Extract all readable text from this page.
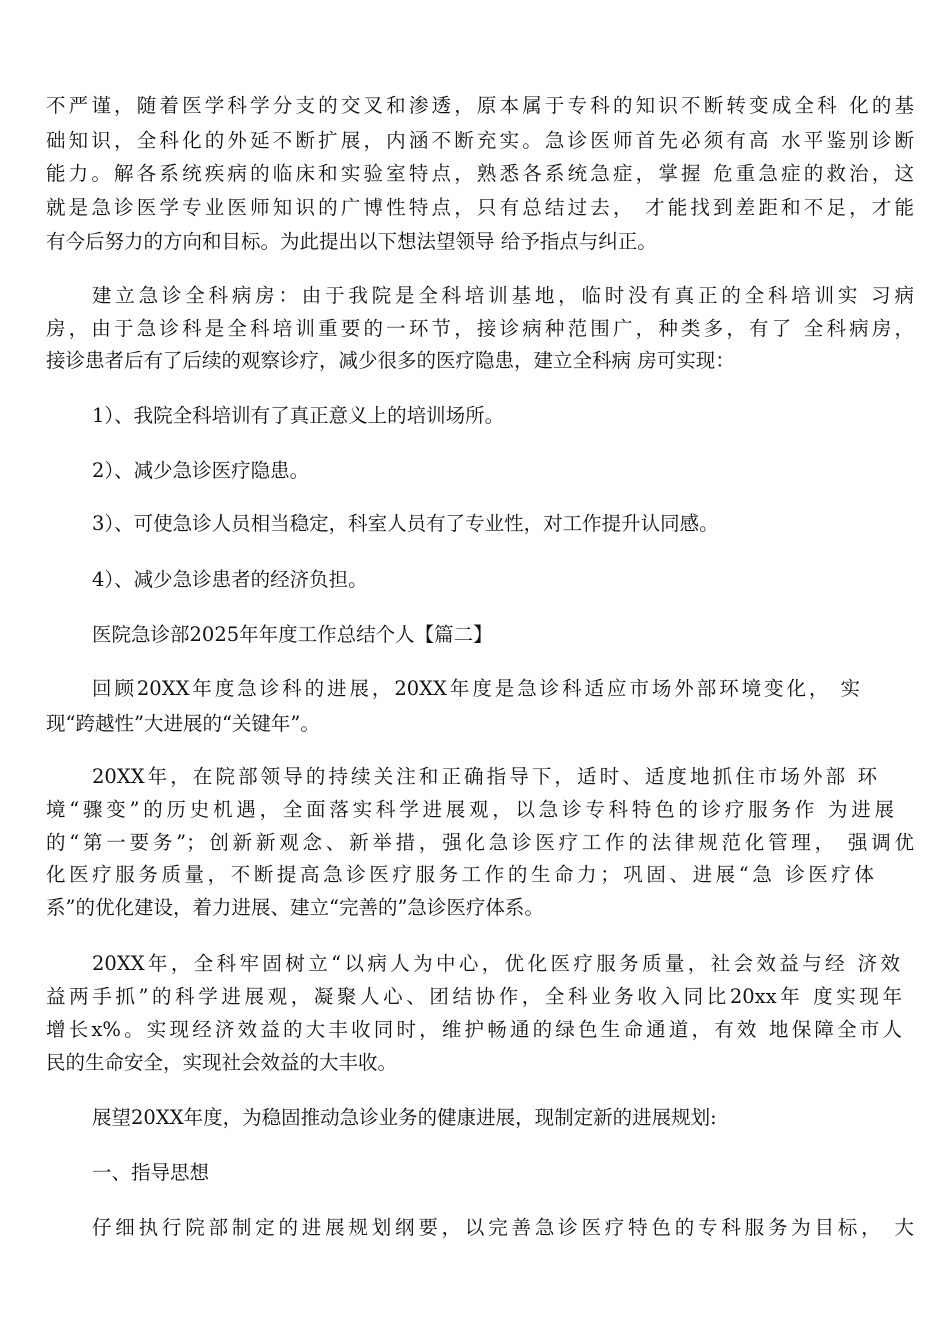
不严谨，随着医学科学分支的交叉和渗透，原本属于专科的知识不断转变成全科 化的基
础知识，全科化的外延不断扩展，内涵不断充实。急诊医师首先必须有高 水平鉴别诊断
能力。解各系统疾病的临床和实验室特点，熟悉各系统急症，掌握 危重急症的救治，这
就是急诊医学专业医师知识的广博性特点，只有总结过去， 才能找到差距和不足，才能
有今后努力的方向和目标。为此提出以下想法望领导 给予指点与纠正。
建立急诊全科病房：由于我院是全科培训基地，临时没有真正的全科培训实 习病
房，由于急诊科是全科培训重要的一环节，接诊病种范围广，种类多，有了 全科病房，
接诊患者后有了后续的观察诊疗，减少很多的医疗隐患，建立全科病 房可实现：
1）、我院全科培训有了真正意义上的培训场所。
2）、减少急诊医疗隐患。
3）、可使急诊人员相当稳定，科室人员有了专业性，对工作提升认同感。
4）、减少急诊患者的经济负担。
医院急诊部2025年年度工作总结个人【篇二】
回顾20XX年度急诊科的进展，20XX年度是急诊科适应市场外部环境变化， 实
现“跨越性”大进展的“关键年”。
20XX年，在院部领导的持续关注和正确指导下，适时、适度地抓住市场外部 环
境“骤变”的历史机遇，全面落实科学进展观，以急诊专科特色的诊疗服务作 为进展
的“第一要务”；创新新观念、新举措，强化急诊医疗工作的法律规范化管理， 强调优
化医疗服务质量，不断提高急诊医疗服务工作的生命力；巩固、进展“急 诊医疗体
系”的优化建设，着力进展、建立“完善的”急诊医疗体系。
20XX年，全科牢固树立“以病人为中心，优化医疗服务质量，社会效益与经 济效
益两手抓”的科学进展观，凝聚人心、团结协作，全科业务收入同比20xx年 度实现年
增长x%。实现经济效益的大丰收同时，维护畅通的绿色生命通道，有效 地保障全市人
民的生命安全，实现社会效益的大丰收。
展望20XX年度，为稳固推动急诊业务的健康进展，现制定新的进展规划:
一、指导思想
仔细执行院部制定的进展规划纲要，以完善急诊医疗特色的专科服务为目标， 大
